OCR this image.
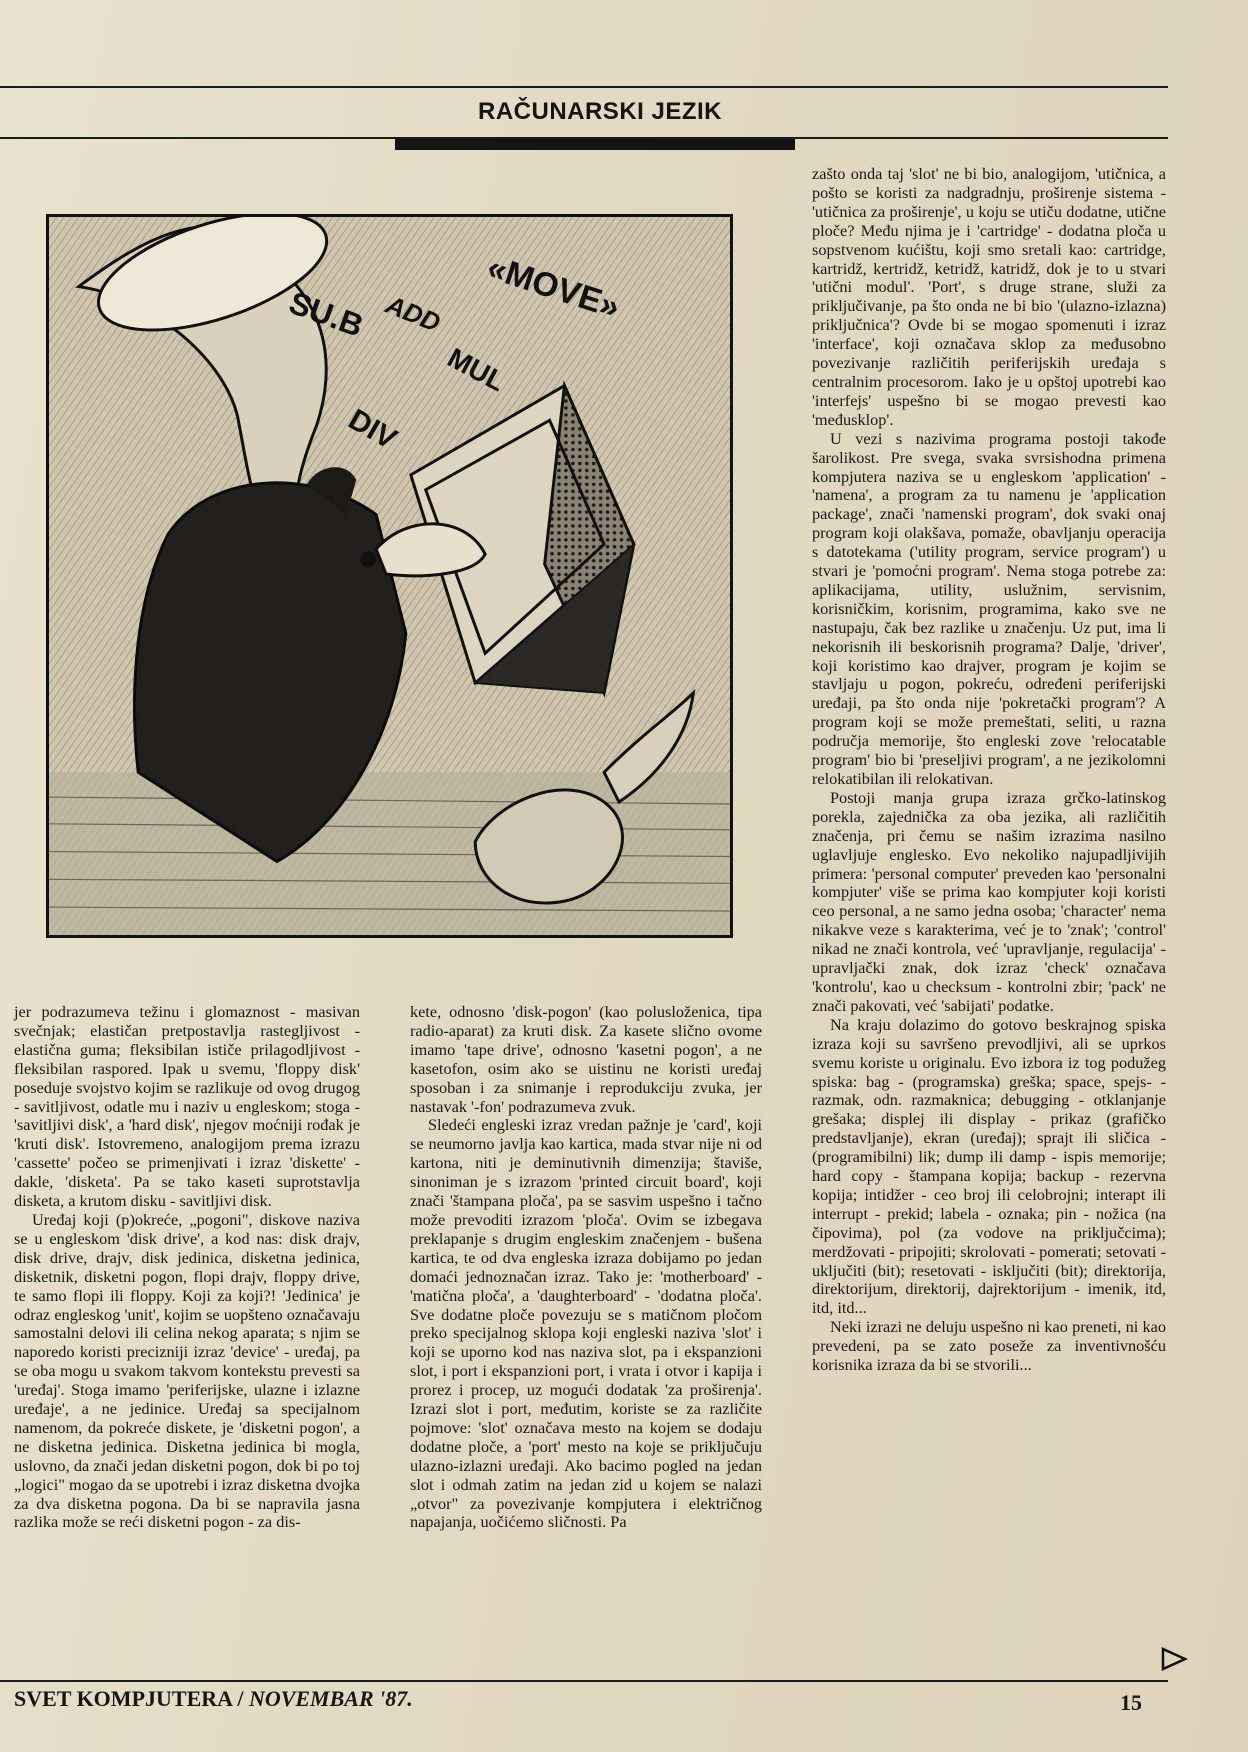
RAČUNARSKI JEZIK
«MOVE»
ADD
SU.B
MUL
DIV

jer podrazumeva težinu i glomaznost - masivan svečnjak; elastičan pretpostavlja rastegljivost - elastična guma; fleksibilan ističe prilagodljivost - fleksibilan raspored. Ipak u svemu, 'floppy disk' poseduje svojstvo kojim se razlikuje od ovog drugog - savitljivost, odatle mu i naziv u engleskom; stoga - 'savitljivi disk', a 'hard disk', njegov moćniji rođak je 'kruti disk'. Istovremeno, analogijom prema izrazu 'cassette' počeo se primenjivati i izraz 'diskette' - dakle, 'disketa'. Pa se tako kaseti suprotstavlja disketa, a krutom disku - savitljivi disk.

Uređaj koji (p)okreće, „pogoni", diskove naziva se u engleskom 'disk drive', a kod nas: disk drajv, disk drive, drajv, disk jedinica, disketna jedinica, disketnik, disketni pogon, flopi drajv, floppy drive, te samo flopi ili floppy. Koji za koji?! 'Jedinica' je odraz engleskog 'unit', kojim se uopšteno označavaju samostalni delovi ili celina nekog aparata; s njim se naporedo koristi precizniji izraz 'device' - uređaj, pa se oba mogu u svakom takvom kontekstu prevesti sa 'uređaj'. Stoga imamo 'periferijske, ulazne i izlazne uređaje', a ne jedinice. Uređaj sa specijalnom namenom, da pokreće diskete, je 'disketni pogon', a ne disketna jedinica. Disketna jedinica bi mogla, uslovno, da znači jedan disketni pogon, dok bi po toj „logici" mogao da se upotrebi i izraz disketna dvojka za dva disketna pogona. Da bi se napravila jasna razlika može se reći disketni pogon - za dis-

kete, odnosno 'disk-pogon' (kao polusloženica, tipa radio-aparat) za kruti disk. Za kasete slično ovome imamo 'tape drive', odnosno 'kasetni pogon', a ne kasetofon, osim ako se uistinu ne koristi uređaj sposoban i za snimanje i reprodukciju zvuka, jer nastavak '-fon' podrazumeva zvuk.

Sledeći engleski izraz vredan pažnje je 'card', koji se neumorno javlja kao kartica, mada stvar nije ni od kartona, niti je deminutivnih dimenzija; štaviše, sinoniman je s izrazom 'printed circuit board', koji znači 'štampana ploča', pa se sasvim uspešno i tačno može prevoditi izrazom 'ploča'. Ovim se izbegava preklapanje s drugim engleskim značenjem - bušena kartica, te od dva engleska izraza dobijamo po jedan domaći jednoznačan izraz. Tako je: 'motherboard' - 'matična ploča', a 'daughterboard' - 'dodatna ploča'. Sve dodatne ploče povezuju se s matičnom pločom preko specijalnog sklopa koji engleski naziva 'slot' i koji se uporno kod nas naziva slot, pa i ekspanzioni slot, i port i ekspanzioni port, i vrata i otvor i kapija i prorez i procep, uz mogući dodatak 'za proširenja'. Izrazi slot i port, međutim, koriste se za različite pojmove: 'slot' označava mesto na kojem se dodaju dodatne ploče, a 'port' mesto na koje se priključuju ulazno-izlazni uređaji. Ako bacimo pogled na jedan slot i odmah zatim na jedan zid u kojem se nalazi „otvor" za povezivanje kompjutera i električnog napajanja, uočićemo sličnosti. Pa

zašto onda taj 'slot' ne bi bio, analogijom, 'utičnica, a pošto se koristi za nadgradnju, proširenje sistema - 'utičnica za proširenje', u koju se utiču dodatne, utične ploče? Među njima je i 'cartridge' - dodatna ploča u sopstvenom kućištu, koji smo sretali kao: cartridge, kartridž, kertridž, ketridž, katridž, dok je to u stvari 'utični modul'. 'Port', s druge strane, služi za priključivanje, pa što onda ne bi bio '(ulazno-izlazna) priključnica'? Ovde bi se mogao spomenuti i izraz 'interface', koji označava sklop za međusobno povezivanje različitih periferijskih uređaja s centralnim procesorom. Iako je u opštoj upotrebi kao 'interfejs' uspešno bi se mogao prevesti kao 'međusklop'.

U vezi s nazivima programa postoji takođe šarolikost. Pre svega, svaka svrsishodna primena kompjutera naziva se u engleskom 'application' - 'namena', a program za tu namenu je 'application package', znači 'namenski program', dok svaki onaj program koji olakšava, pomaže, obavljanju operacija s datotekama ('utility program, service program') u stvari je 'pomoćni program'. Nema stoga potrebe za: aplikacijama, utility, uslužnim, servisnim, korisničkim, korisnim, programima, kako sve ne nastupaju, čak bez razlike u značenju. Uz put, ima li nekorisnih ili beskorisnih programa? Dalje, 'driver', koji koristimo kao drajver, program je kojim se stavljaju u pogon, pokreću, određeni periferijski uređaji, pa što onda nije 'pokretački program'? A program koji se može premeštati, seliti, u razna područja memorije, što engleski zove 'relocatable program' bio bi 'preseljivi program', a ne jezikolomni relokatibilan ili relokativan.

Postoji manja grupa izraza grčko-latinskog porekla, zajednička za oba jezika, ali različitih značenja, pri čemu se našim izrazima nasilno uglavljuje englesko. Evo nekoliko najupadljivijih primera: 'personal computer' preveden kao 'personalni kompjuter' više se prima kao kompjuter koji koristi ceo personal, a ne samo jedna osoba; 'character' nema nikakve veze s karakterima, već je to 'znak'; 'control' nikad ne znači kontrola, već 'upravljanje, regulacija' - upravljački znak, dok izraz 'check' označava 'kontrolu', kao u checksum - kontrolni zbir; 'pack' ne znači pakovati, već 'sabijati' podatke.

Na kraju dolazimo do gotovo beskrajnog spiska izraza koji su savršeno prevodljivi, ali se uprkos svemu koriste u originalu. Evo izbora iz tog podužeg spiska: bag - (programska) greška; space, spejs- - razmak, odn. razmaknica; debugging - otklanjanje grešaka; displej ili display - prikaz (grafičko predstavljanje), ekran (uređaj); sprajt ili sličica - (programibilni) lik; dump ili damp - ispis memorije; hard copy - štampana kopija; backup - rezervna kopija; intidžer - ceo broj ili celobrojni; interapt ili interrupt - prekid; labela - oznaka; pin - nožica (na čipovima), pol (za vodove na priključcima); merdžovati - pripojiti; skrolovati - pomerati; setovati - uključiti (bit); resetovati - isključiti (bit); direktorija, direktorijum, direktorij, dajrektorijum - imenik, itd, itd, itd...

Neki izrazi ne deluju uspešno ni kao preneti, ni kao prevedeni, pa se zato poseže za inventivnošću korisnika izraza da bi se stvorili...

SVET KOMPJUTERA / NOVEMBAR '87.	15
